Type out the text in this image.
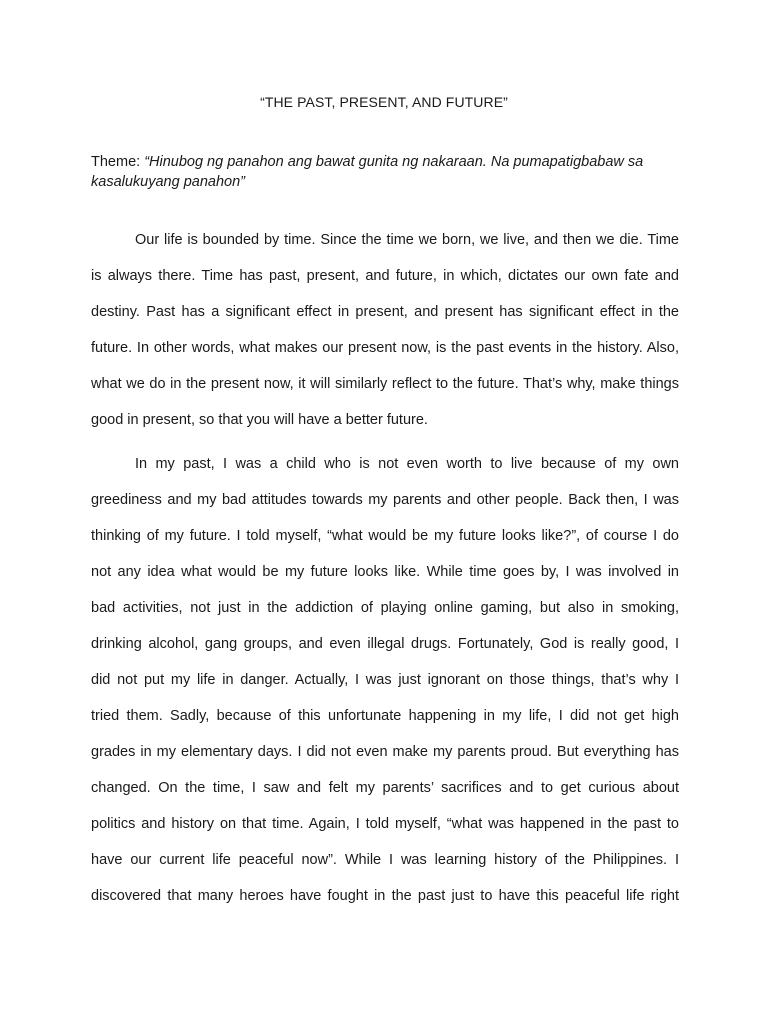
“THE PAST, PRESENT, AND FUTURE”
Theme: “Hinubog ng panahon ang bawat gunita ng nakaraan. Na pumapatigbabaw sa kasalukuyang panahon”
Our life is bounded by time. Since the time we born, we live, and then we die. Time
is always there. Time has past, present, and future, in which, dictates our own fate and
destiny. Past has a significant effect in present, and present has significant effect in the
future. In other words, what makes our present now, is the past events in the history. Also,
what we do in the present now, it will similarly reflect to the future. That’s why, make things
good in present, so that you will have a better future.
In my past, I was a child who is not even worth to live because of my own
greediness and my bad attitudes towards my parents and other people. Back then, I was
thinking of my future. I told myself, “what would be my future looks like?”, of course I do
not any idea what would be my future looks like. While time goes by, I was involved in
bad activities, not just in the addiction of playing online gaming, but also in smoking,
drinking alcohol, gang groups, and even illegal drugs. Fortunately, God is really good, I
did not put my life in danger. Actually, I was just ignorant on those things, that’s why I
tried them. Sadly, because of this unfortunate happening in my life, I did not get high
grades in my elementary days. I did not even make my parents proud. But everything has
changed. On the time, I saw and felt my parents’ sacrifices and to get curious about
politics and history on that time. Again, I told myself, “what was happened in the past to
have our current life peaceful now”. While I was learning history of the Philippines. I
discovered that many heroes have fought in the past just to have this peaceful life right
